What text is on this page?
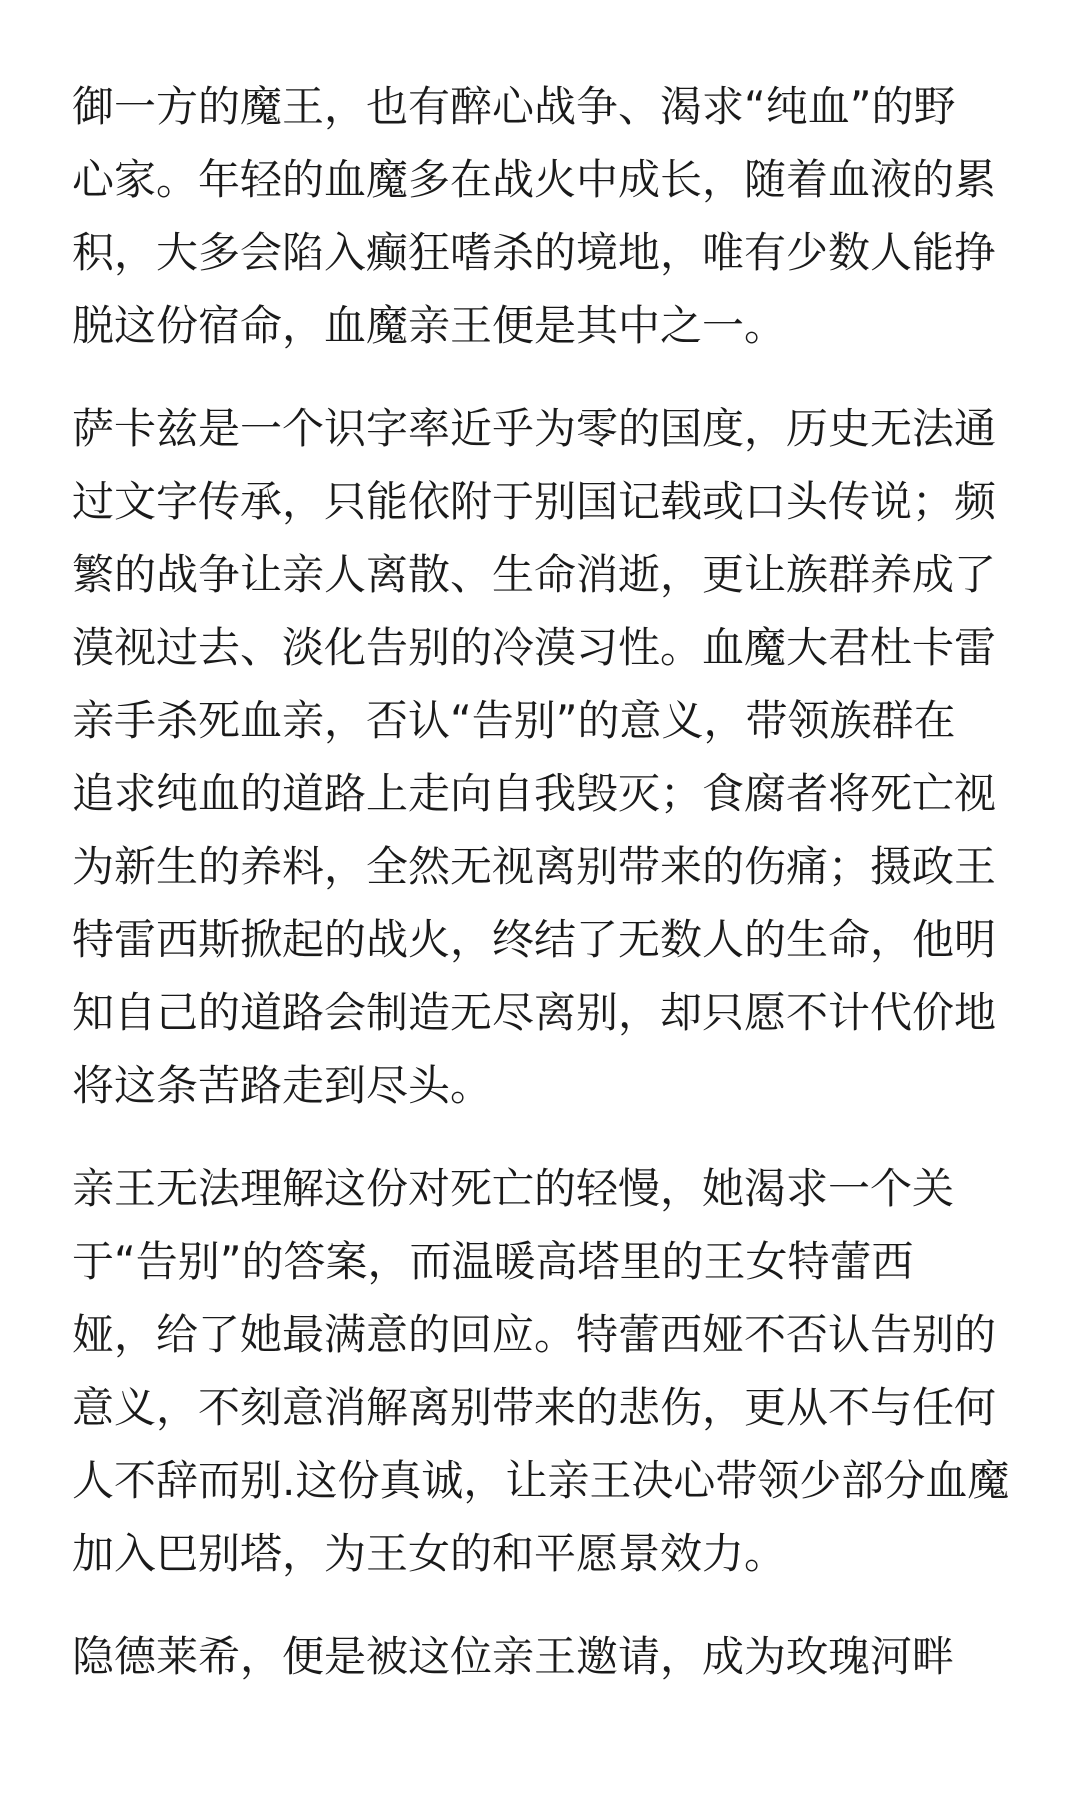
御一方的魔王，也有醉心战争、渴求“纯血”的野
心家。年轻的血魔多在战火中成长，随着血液的累
积，大多会陷入癫狂嗜杀的境地，唯有少数人能挣
脱这份宿命，血魔亲王便是其中之一。

萨卡兹是一个识字率近乎为零的国度，历史无法通
过文字传承，只能依附于别国记载或口头传说；频
繁的战争让亲人离散、生命消逝，更让族群养成了
漠视过去、淡化告别的冷漠习性。血魔大君杜卡雷
亲手杀死血亲，否认“告别”的意义，带领族群在
追求纯血的道路上走向自我毁灭；食腐者将死亡视
为新生的养料，全然无视离别带来的伤痛；摄政王
特雷西斯掀起的战火，终结了无数人的生命，他明
知自己的道路会制造无尽离别，却只愿不计代价地
将这条苦路走到尽头。

亲王无法理解这份对死亡的轻慢，她渴求一个关
于“告别”的答案，而温暖高塔里的王女特蕾西
娅，给了她最满意的回应。特蕾西娅不否认告别的
意义，不刻意消解离别带来的悲伤，更从不与任何
人不辞而别.这份真诚，让亲王决心带领少部分血魔
加入巴别塔，为王女的和平愿景效力。

隐德莱希，便是被这位亲王邀请，成为玫瑰河畔
